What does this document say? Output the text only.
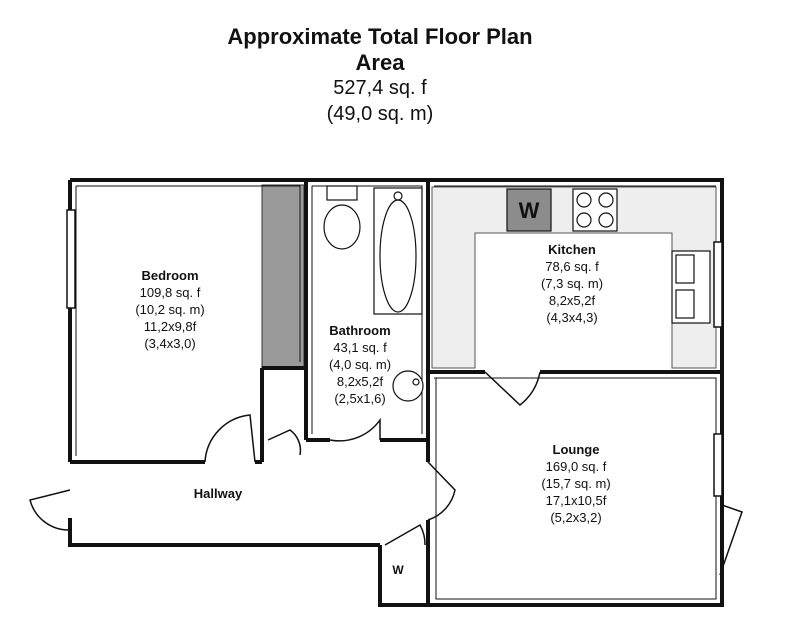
W
W
Approximate Total Floor Plan
Area
527,4 sq. f
(49,0 sq. m)
Bedroom
109,8 sq. f
(10,2 sq. m)
11,2x9,8f
(3,4x3,0)
Bathroom
43,1 sq. f
(4,0 sq. m)
8,2x5,2f
(2,5x1,6)
Kitchen
78,6 sq. f
(7,3 sq. m)
8,2x5,2f
(4,3x4,3)
Lounge
169,0 sq. f
(15,7 sq. m)
17,1x10,5f
(5,2x3,2)
Hallway
